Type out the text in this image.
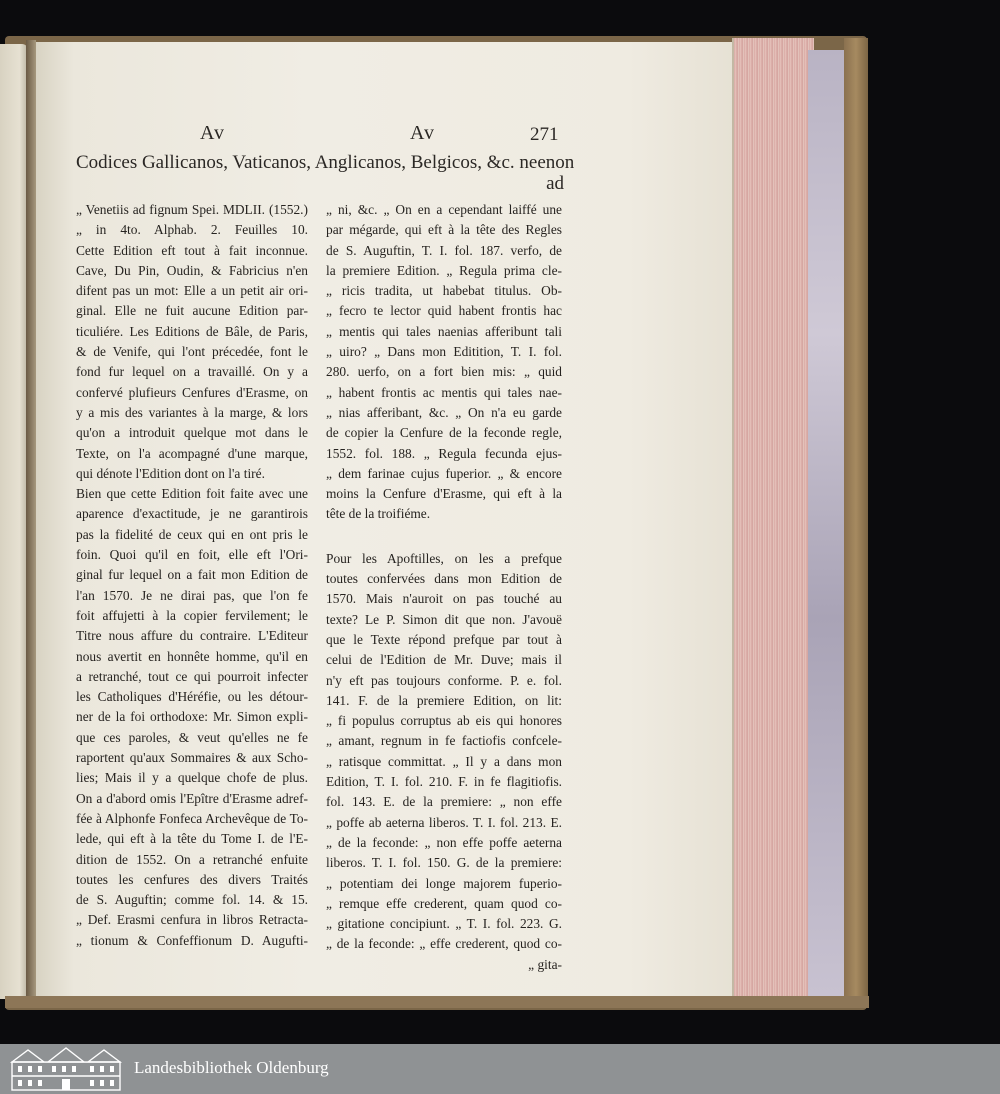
Av	Av	271
Codices Gallicanos, Vaticanos, Anglicanos, Belgicos, &c. neenon
ad
„ Venetiis ad fignum Spei. MDLII. (1552.)
„ in 4to. Alphab. 2. Feuilles 10.
Cette Edition eft tout à fait inconnue.
Cave, Du Pin, Oudin, & Fabricius n'en
difent pas un mot: Elle a un petit air ori-
ginal. Elle ne fuit aucune Edition par-
ticuliére. Les Editions de Bâle, de Paris,
& de Venife, qui l'ont précedée, font le
fond fur lequel on a travaillé. On y a
confervé plufieurs Cenfures d'Erasme, on
y a mis des variantes à la marge, & lors
qu'on a introduit quelque mot dans le
Texte, on l'a acompagné d'une marque,
qui dénote l'Edition dont on l'a tiré.
Bien que cette Edition foit faite avec une
aparence d'exactitude, je ne garantirois
pas la fidelité de ceux qui en ont pris le
foin. Quoi qu'il en foit, elle eft l'Ori-
ginal fur lequel on a fait mon Edition de
l'an 1570. Je ne dirai pas, que l'on fe
foit affujetti à la copier fervilement; le
Titre nous affure du contraire. L'Editeur
nous avertit en honnête homme, qu'il en
a retranché, tout ce qui pourroit infecter
les Catholiques d'Héréfie, ou les détour-
ner de la foi orthodoxe: Mr. Simon expli-
que ces paroles, & veut qu'elles ne fe
raportent qu'aux Sommaires & aux Scho-
lies; Mais il y a quelque chofe de plus.
On a d'abord omis l'Epître d'Erasme adref-
fée à Alphonfe Fonfeca Archevêque de To-
lede, qui eft à la tête du Tome I. de l'E-
dition de 1552. On a retranché enfuite
toutes les cenfures des divers Traités
de S. Auguftin; comme fol. 14. & 15.
„ Def. Erasmi cenfura in libros Retracta-
„ tionum & Confeffionum D. Augufti-
„ ni, &c. „ On en a cependant laiffé une
par mégarde, qui eft à la tête des Regles
de S. Auguftin, T. I. fol. 187. verfo, de
la premiere Edition. „ Regula prima cle-
„ ricis tradita, ut habebat titulus. Ob-
„ fecro te lector quid habent frontis hac
„ mentis qui tales naenias afferibunt tali
„ uiro? „ Dans mon Editition, T. I. fol.
280. uerfo, on a fort bien mis: „ quid
„ habent frontis ac mentis qui tales nae-
„ nias afferibant, &c. „ On n'a eu garde
de copier la Cenfure de la feconde regle,
1552. fol. 188. „ Regula fecunda ejus-
„ dem farinae cujus fuperior. „ & encore
moins la Cenfure d'Erasme, qui eft à la
tête de la troifiéme.
Pour les Apoftilles, on les a prefque
toutes confervées dans mon Edition de
1570. Mais n'auroit on pas touché au
texte? Le P. Simon dit que non. J'avouë
que le Texte répond prefque par tout à
celui de l'Edition de Mr. Duve; mais il
n'y eft pas toujours conforme. P. e. fol.
141. F. de la premiere Edition, on lit:
„ fi populus corruptus ab eis qui honores
„ amant, regnum in fe factiofis confcele-
„ ratisque committat. „ Il y a dans mon
Edition, T. I. fol. 210. F. in fe flagitiofis.
fol. 143. E. de la premiere: „ non effe
„ poffe ab aeterna liberos. T. I. fol. 213. E.
„ de la feconde: „ non effe poffe aeterna
liberos. T. I. fol. 150. G. de la premiere:
„ potentiam dei longe majorem fuperio-
„ remque effe crederent, quam quod co-
„ gitatione concipiunt. „ T. I. fol. 223. G.
„ de la feconde: „ effe crederent, quod co-
„ gita-
Landesbibliothek Oldenburg
